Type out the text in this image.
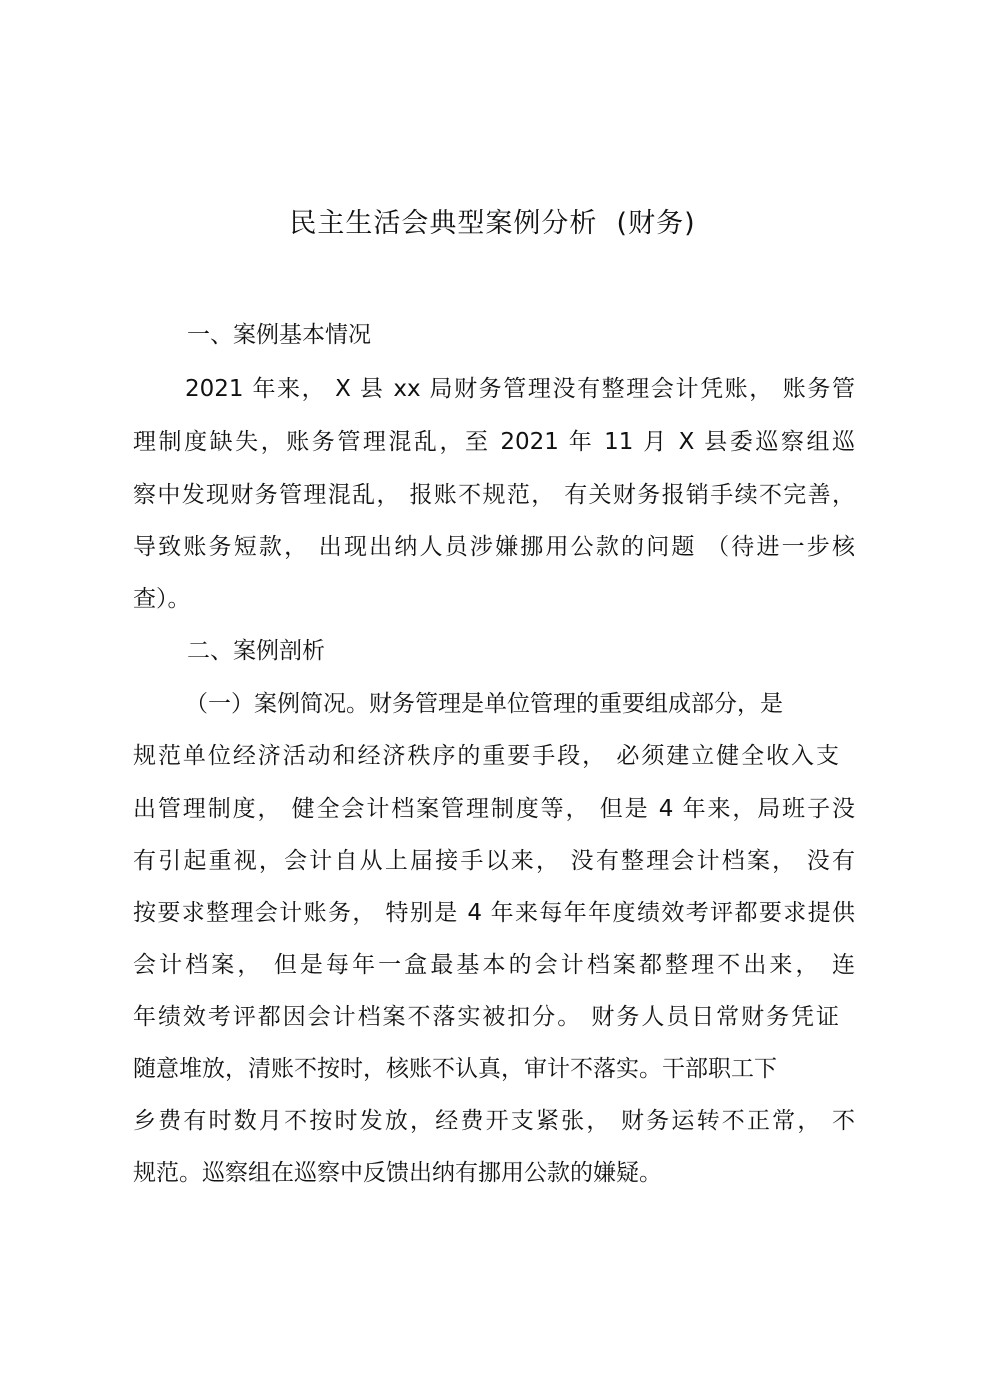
民主生活会典型案例分析  (财务)
一、案例基本情况
2021 年来， X 县 xx 局财务管理没有整理会计凭账， 账务管
理制度缺失，账务管理混乱，至 2021 年 11 月 X 县委巡察组巡
察中发现财务管理混乱， 报账不规范， 有关财务报销手续不完善，
导致账务短款， 出现出纳人员涉嫌挪用公款的问题 （待进一步核
查）。
二、案例剖析
（一）案例简况。财务管理是单位管理的重要组成部分，是
规范单位经济活动和经济秩序的重要手段， 必须建立健全收入支
出管理制度， 健全会计档案管理制度等， 但是 4 年来，局班子没
有引起重视，会计自从上届接手以来， 没有整理会计档案， 没有
按要求整理会计账务， 特别是 4 年来每年年度绩效考评都要求提供
会计档案， 但是每年一盒最基本的会计档案都整理不出来， 连
年绩效考评都因会计档案不落实被扣分。 财务人员日常财务凭证
随意堆放，清账不按时，核账不认真，审计不落实。干部职工下
乡费有时数月不按时发放，经费开支紧张， 财务运转不正常， 不
规范。巡察组在巡察中反馈出纳有挪用公款的嫌疑。
